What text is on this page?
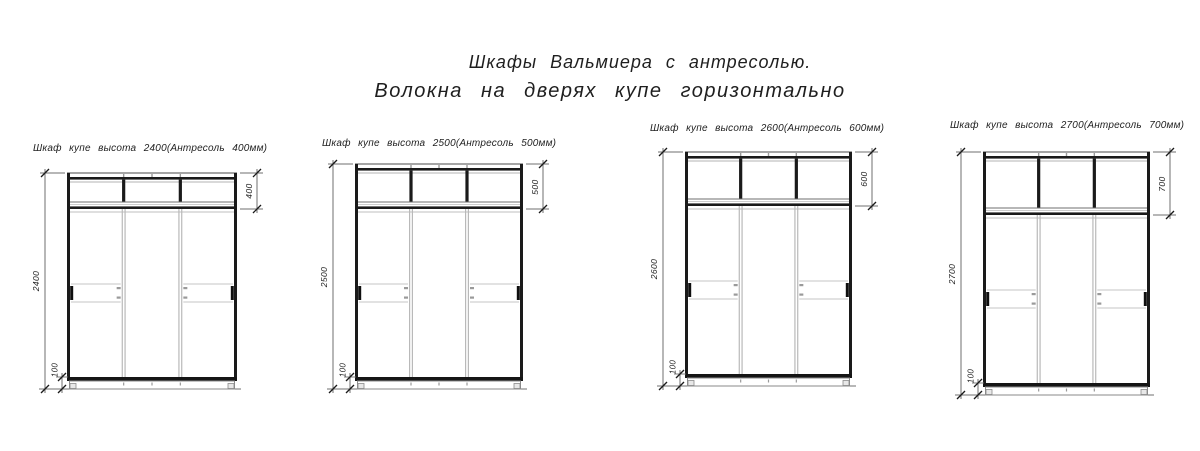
Шкафы Вальмиера с антресолью.
Волокна на дверях купе горизонтально
Шкаф купе высота 2400(Антресоль 400мм)
2400
400
100
Шкаф купе высота 2500(Антресоль 500мм)
2500
500
100
Шкаф купе высота 2600(Антресоль 600мм)
2600
600
100
Шкаф купе высота 2700(Антресоль 700мм)
2700
700
100
